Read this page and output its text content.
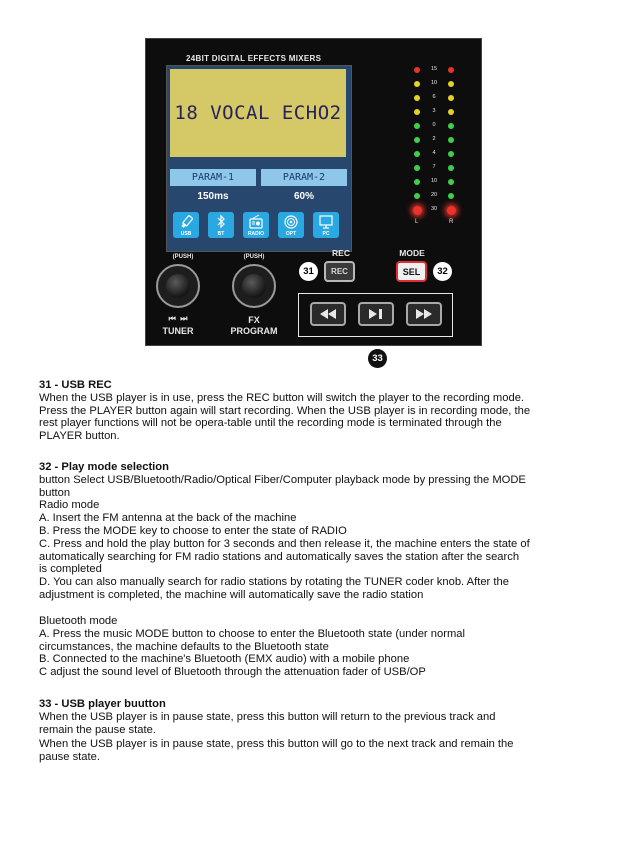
24BIT DIGITAL EFFECTS MIXERS
18 VOCAL ECHO2
PARAM-1	PARAM-2
150ms	60%
USB	BT	RADIO	OPT	PC
15
10
6
3
0
2
4
7
10
20
30
L	R
(PUSH)
⏮  ⏭
TUNER
(PUSH)
FX
PROGRAM
REC
31	REC
MODE
SEL	32
33

31 - USB REC

When the USB player is in use, press the REC button will switch the player to the recording mode.

Press the PLAYER button again will start recording. When the USB player is in recording mode, the

rest player functions will not be opera-table until the recording mode is terminated through the

PLAYER button.

32 - Play mode selection

button Select USB/Bluetooth/Radio/Optical Fiber/Computer playback mode by pressing the MODE

button

Radio mode

A. Insert the FM antenna at the back of the machine

B. Press the MODE key to choose to enter the state of RADIO

C. Press and hold the play button for 3 seconds and then release it, the machine enters the state of

automatically searching for FM radio stations and automatically saves the station after the search

is completed

D. You can also manually search for radio stations by rotating the TUNER coder knob. After the

adjustment is completed, the machine will automatically save the radio station

Bluetooth mode

A. Press the music MODE button to choose to enter the Bluetooth state (under normal

circumstances, the machine defaults to the Bluetooth state

B. Connected to the machine's Bluetooth (EMX audio) with a mobile phone

C adjust the sound level of Bluetooth through the attenuation fader of USB/OP

33 - USB player buutton

When the USB player is in pause state, press this button will return to the previous track and

remain the pause state.

When the USB player is in pause state, press this button will go to the next track and remain the

pause state.
